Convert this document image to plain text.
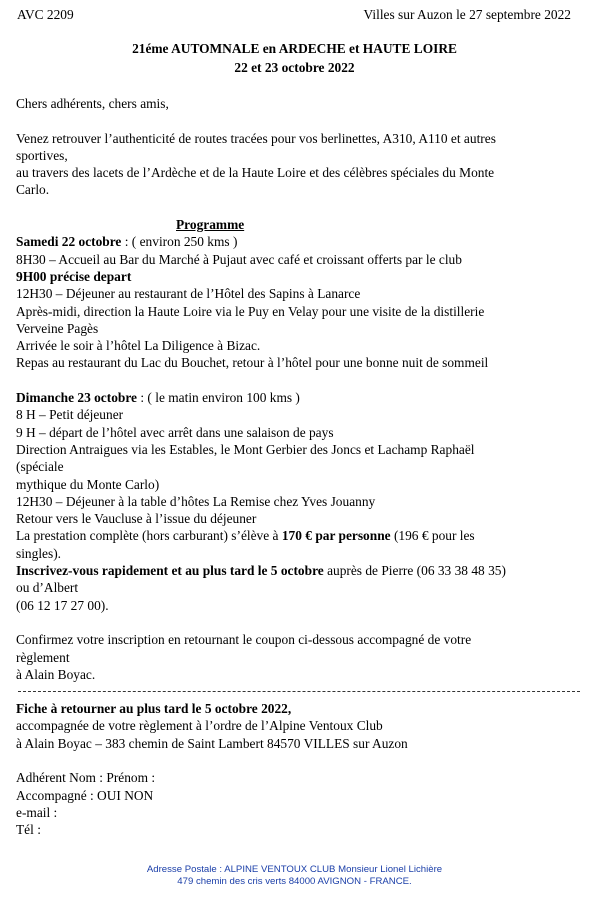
AVC 2209	Villes sur Auzon le 27 septembre 2022
21éme AUTOMNALE en ARDECHE et HAUTE LOIRE
22 et 23 octobre 2022
Chers adhérents, chers amis,
Venez retrouver l’authenticité de routes tracées pour vos berlinettes, A310, A110 et autres
sportives,
au travers des lacets de l’Ardèche et de la Haute Loire et des célèbres spéciales du Monte
Carlo.
Programme
Samedi 22 octobre : ( environ 250 kms )
8H30 – Accueil au Bar du Marché à Pujaut avec café et croissant offerts par le club
9H00 précise depart
12H30 – Déjeuner au restaurant de l’Hôtel des Sapins à Lanarce
Après-midi, direction la Haute Loire via le Puy en Velay pour une visite de la distillerie
Verveine Pagès
Arrivée le soir à l’hôtel La Diligence à Bizac.
Repas au restaurant du Lac du Bouchet, retour à l’hôtel pour une bonne nuit de sommeil
Dimanche 23 octobre : ( le matin environ 100 kms )
8 H – Petit déjeuner
9 H – départ de l’hôtel avec arrêt dans une salaison de pays
Direction Antraigues via les Estables, le Mont Gerbier des Joncs et Lachamp Raphaël
(spéciale
mythique du Monte Carlo)
12H30 – Déjeuner à la table d’hôtes La Remise chez Yves Jouanny
Retour vers le Vaucluse à l’issue du déjeuner
La prestation complète (hors carburant) s’élève à 170 € par personne (196 € pour les
singles).
Inscrivez-vous rapidement et au plus tard le 5 octobre auprès de Pierre (06 33 38 48 35)
ou d’Albert
(06 12 17 27 00).
Confirmez votre inscription en retournant le coupon ci-dessous accompagné de votre
règlement
à Alain Boyac.
Fiche à retourner au plus tard le 5 octobre 2022,
accompagnée de votre règlement à l’ordre de l’Alpine Ventoux Club
à Alain Boyac – 383 chemin de Saint Lambert 84570 VILLES sur Auzon
Adhérent Nom : Prénom :
Accompagné : OUI NON
e-mail :
Tél :
Adresse Postale : ALPINE VENTOUX CLUB Monsieur Lionel Lichière
479 chemin des cris verts 84000 AVIGNON - FRANCE.
